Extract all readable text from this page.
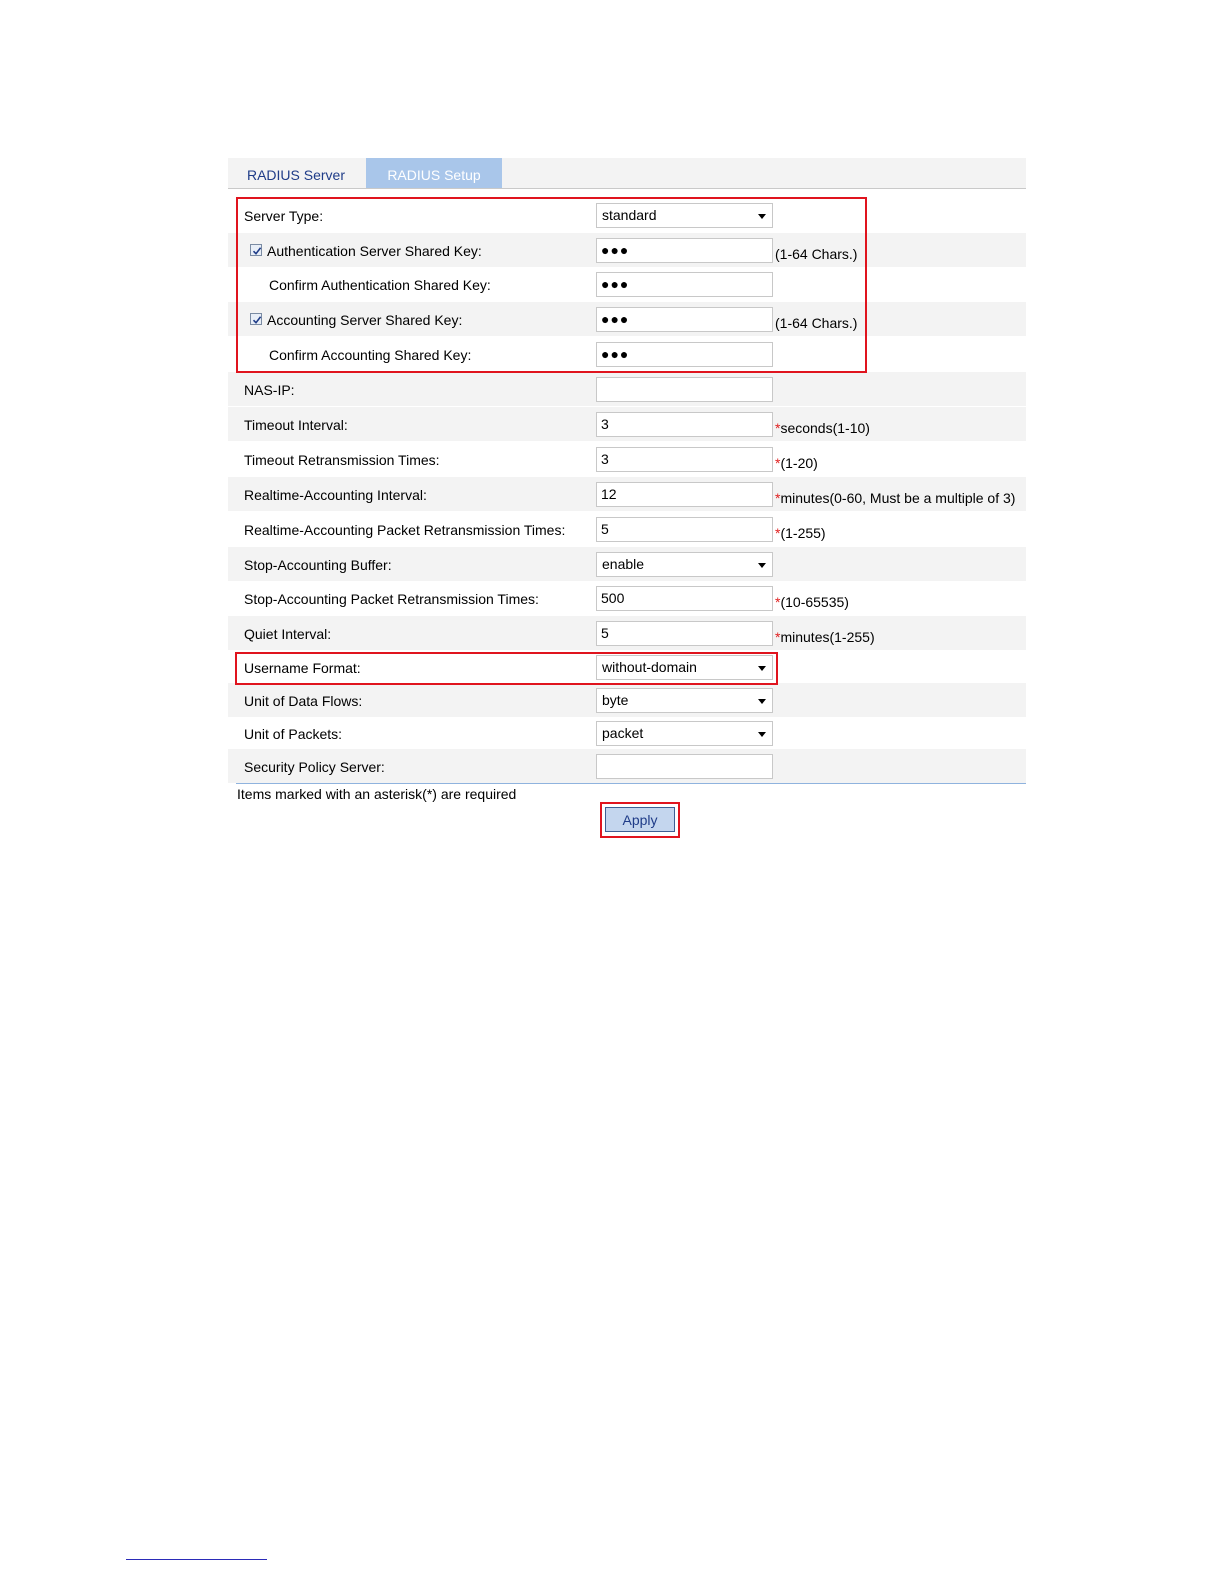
RADIUS Server	RADIUS Setup
Server Type:	standard
Authentication Server Shared Key:	●●●	(1-64 Chars.)
Confirm Authentication Shared Key:	●●●
Accounting Server Shared Key:	●●●	(1-64 Chars.)
Confirm Accounting Shared Key:	●●●
NAS-IP:
Timeout Interval:	3	*seconds(1-10)
Timeout Retransmission Times:	3	*(1-20)
Realtime-Accounting Interval:	12	*minutes(0-60, Must be a multiple of 3)
Realtime-Accounting Packet Retransmission Times:	5	*(1-255)
Stop-Accounting Buffer:	enable
Stop-Accounting Packet Retransmission Times:	500	*(10-65535)
Quiet Interval:	5	*minutes(1-255)
Username Format:	without-domain
Unit of Data Flows:	byte
Unit of Packets:	packet
Security Policy Server:
Items marked with an asterisk(*) are required
Apply
